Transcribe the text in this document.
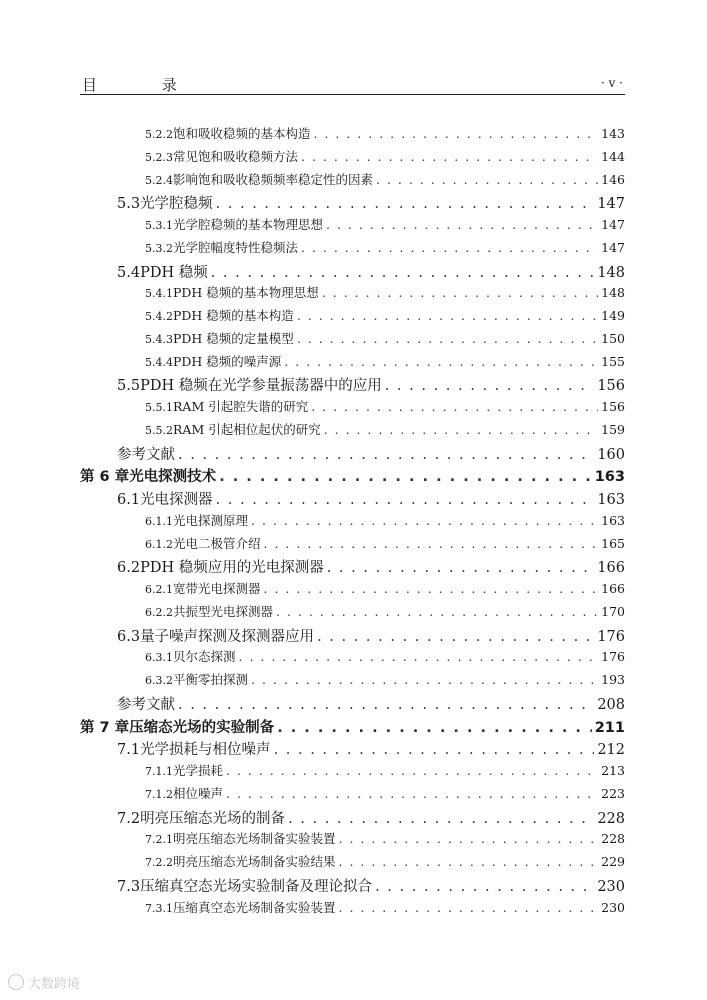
目 录	· v ·
5.2.2 饱和吸收稳频的基本构造 . . .	143
5.2.3 常见饱和吸收稳频方法 . . .	144
5.2.4 影响饱和吸收稳频频率稳定性的因素 . . .	146
5.3 光学腔稳频 . . .	147
5.3.1 光学腔稳频的基本物理思想 . . .	147
5.3.2 光学腔幅度特性稳频法 . . .	147
5.4 PDH 稳频 . . .	148
5.4.1 PDH 稳频的基本物理思想 . . .	148
5.4.2 PDH 稳频的基本构造 . . .	149
5.4.3 PDH 稳频的定量模型 . . .	150
5.4.4 PDH 稳频的噪声源 . . .	155
5.5 PDH 稳频在光学参量振荡器中的应用 . . .	156
5.5.1 RAM 引起腔失谐的研究 . . .	156
5.5.2 RAM 引起相位起伏的研究 . . .	159
参考文献 . . .	160
第 6 章 光电探测技术 . . .	163
6.1 光电探测器 . . .	163
6.1.1 光电探测原理 . . .	163
6.1.2 光电二极管介绍 . . .	165
6.2 PDH 稳频应用的光电探测器 . . .	166
6.2.1 宽带光电探测器 . . .	166
6.2.2 共振型光电探测器 . . .	170
6.3 量子噪声探测及探测器应用 . . .	176
6.3.1 贝尔态探测 . . .	176
6.3.2 平衡零拍探测 . . .	193
参考文献 . . .	208
第 7 章 压缩态光场的实验制备 . . .	211
7.1 光学损耗与相位噪声 . . .	212
7.1.1 光学损耗 . . .	213
7.1.2 相位噪声 . . .	223
7.2 明亮压缩态光场的制备 . . .	228
7.2.1 明亮压缩态光场制备实验装置 . . .	228
7.2.2 明亮压缩态光场制备实验结果 . . .	229
7.3 压缩真空态光场实验制备及理论拟合 . . .	230
7.3.1 压缩真空态光场制备实验装置 . . .	230
大数跨境
